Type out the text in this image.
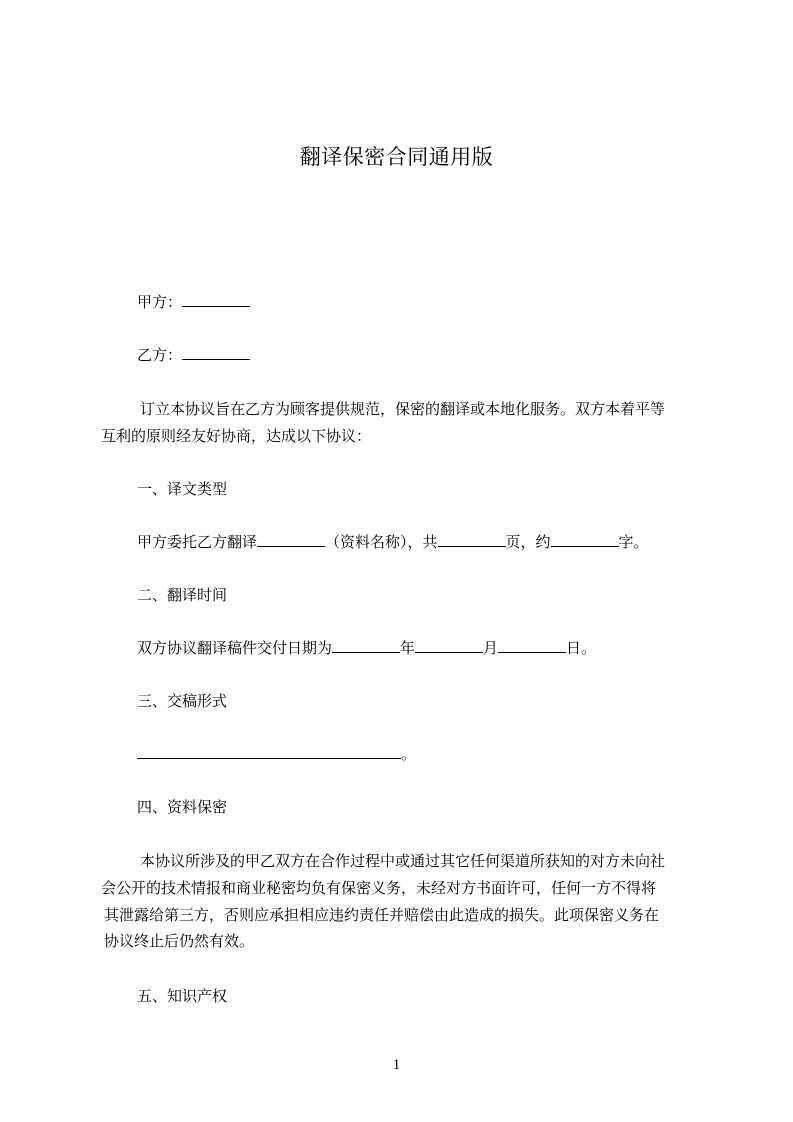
翻译保密合同通用版
甲方：
乙方：
订立本协议旨在乙方为顾客提供规范，保密的翻译或本地化服务。双方本着平等
互利的原则经友好协商，达成以下协议：
一、译文类型
甲方委托乙方翻译	（资料名称），共	页，约	字。
二、翻译时间
双方协议翻译稿件交付日期为	年	月	日。
三、交稿形式
。
四、资料保密
本协议所涉及的甲乙双方在合作过程中或通过其它任何渠道所获知的对方未向社
会公开的技术情报和商业秘密均负有保密义务，未经对方书面许可，任何一方不得将
其泄露给第三方，否则应承担相应违约责任并赔偿由此造成的损失。此项保密义务在
协议终止后仍然有效。
五、知识产权
1
